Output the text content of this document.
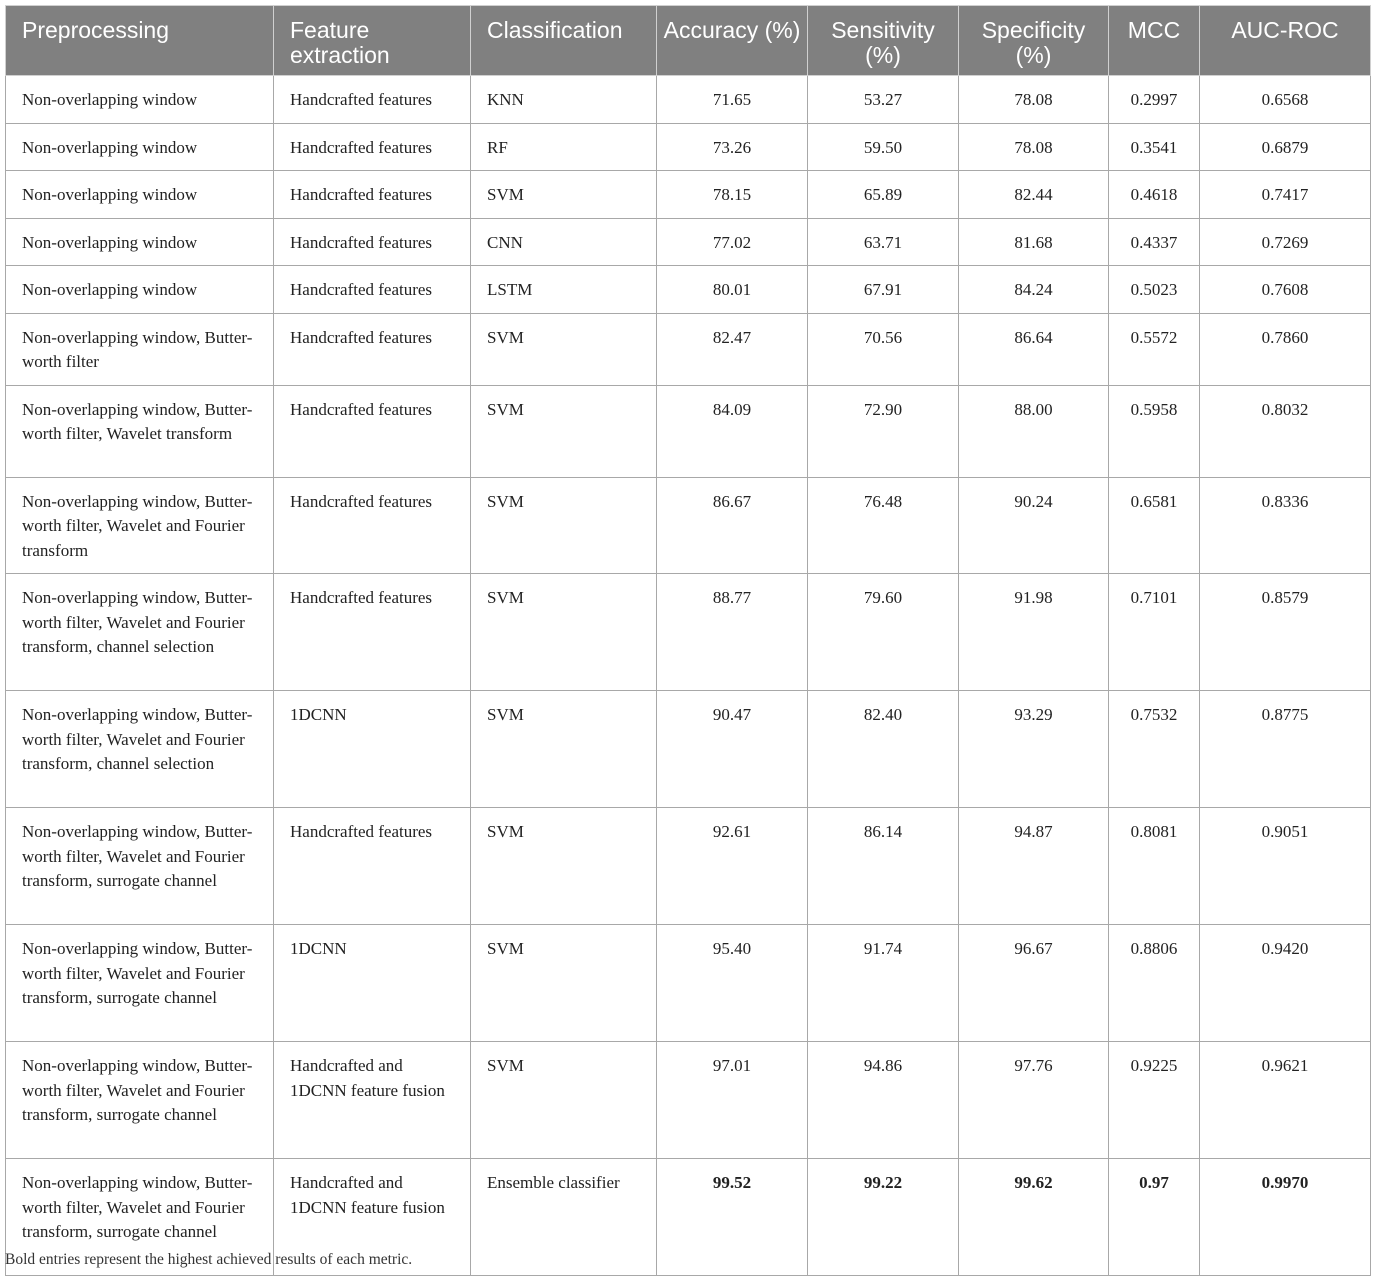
Preprocessing	Feature extraction	Classification	Accuracy (%)	Sensitivity (%)	Specificity (%)	MCC	AUC-ROC
Non-overlapping window	Handcrafted features	KNN	71.65	53.27	78.08	0.2997	0.6568
Non-overlapping window	Handcrafted features	RF	73.26	59.50	78.08	0.3541	0.6879
Non-overlapping window	Handcrafted features	SVM	78.15	65.89	82.44	0.4618	0.7417
Non-overlapping window	Handcrafted features	CNN	77.02	63.71	81.68	0.4337	0.7269
Non-overlapping window	Handcrafted features	LSTM	80.01	67.91	84.24	0.5023	0.7608
Non-overlapping window, Butter-worth filter	Handcrafted features	SVM	82.47	70.56	86.64	0.5572	0.7860
Non-overlapping window, Butter-worth filter, Wavelet transform	Handcrafted features	SVM	84.09	72.90	88.00	0.5958	0.8032
Non-overlapping window, Butter-worth filter, Wavelet and Fourier transform	Handcrafted features	SVM	86.67	76.48	90.24	0.6581	0.8336
Non-overlapping window, Butter-worth filter, Wavelet and Fourier transform, channel selection	Handcrafted features	SVM	88.77	79.60	91.98	0.7101	0.8579
Non-overlapping window, Butter-worth filter, Wavelet and Fourier transform, channel selection	1DCNN	SVM	90.47	82.40	93.29	0.7532	0.8775
Non-overlapping window, Butter-worth filter, Wavelet and Fourier transform, surrogate channel	Handcrafted features	SVM	92.61	86.14	94.87	0.8081	0.9051
Non-overlapping window, Butter-worth filter, Wavelet and Fourier transform, surrogate channel	1DCNN	SVM	95.40	91.74	96.67	0.8806	0.9420
Non-overlapping window, Butter-worth filter, Wavelet and Fourier transform, surrogate channel	Handcrafted and 1DCNN feature fusion	SVM	97.01	94.86	97.76	0.9225	0.9621
Non-overlapping window, Butter-worth filter, Wavelet and Fourier transform, surrogate channel	Handcrafted and 1DCNN feature fusion	Ensemble classifier	99.52	99.22	99.62	0.97	0.9970
Bold entries represent the highest achieved results of each metric.
